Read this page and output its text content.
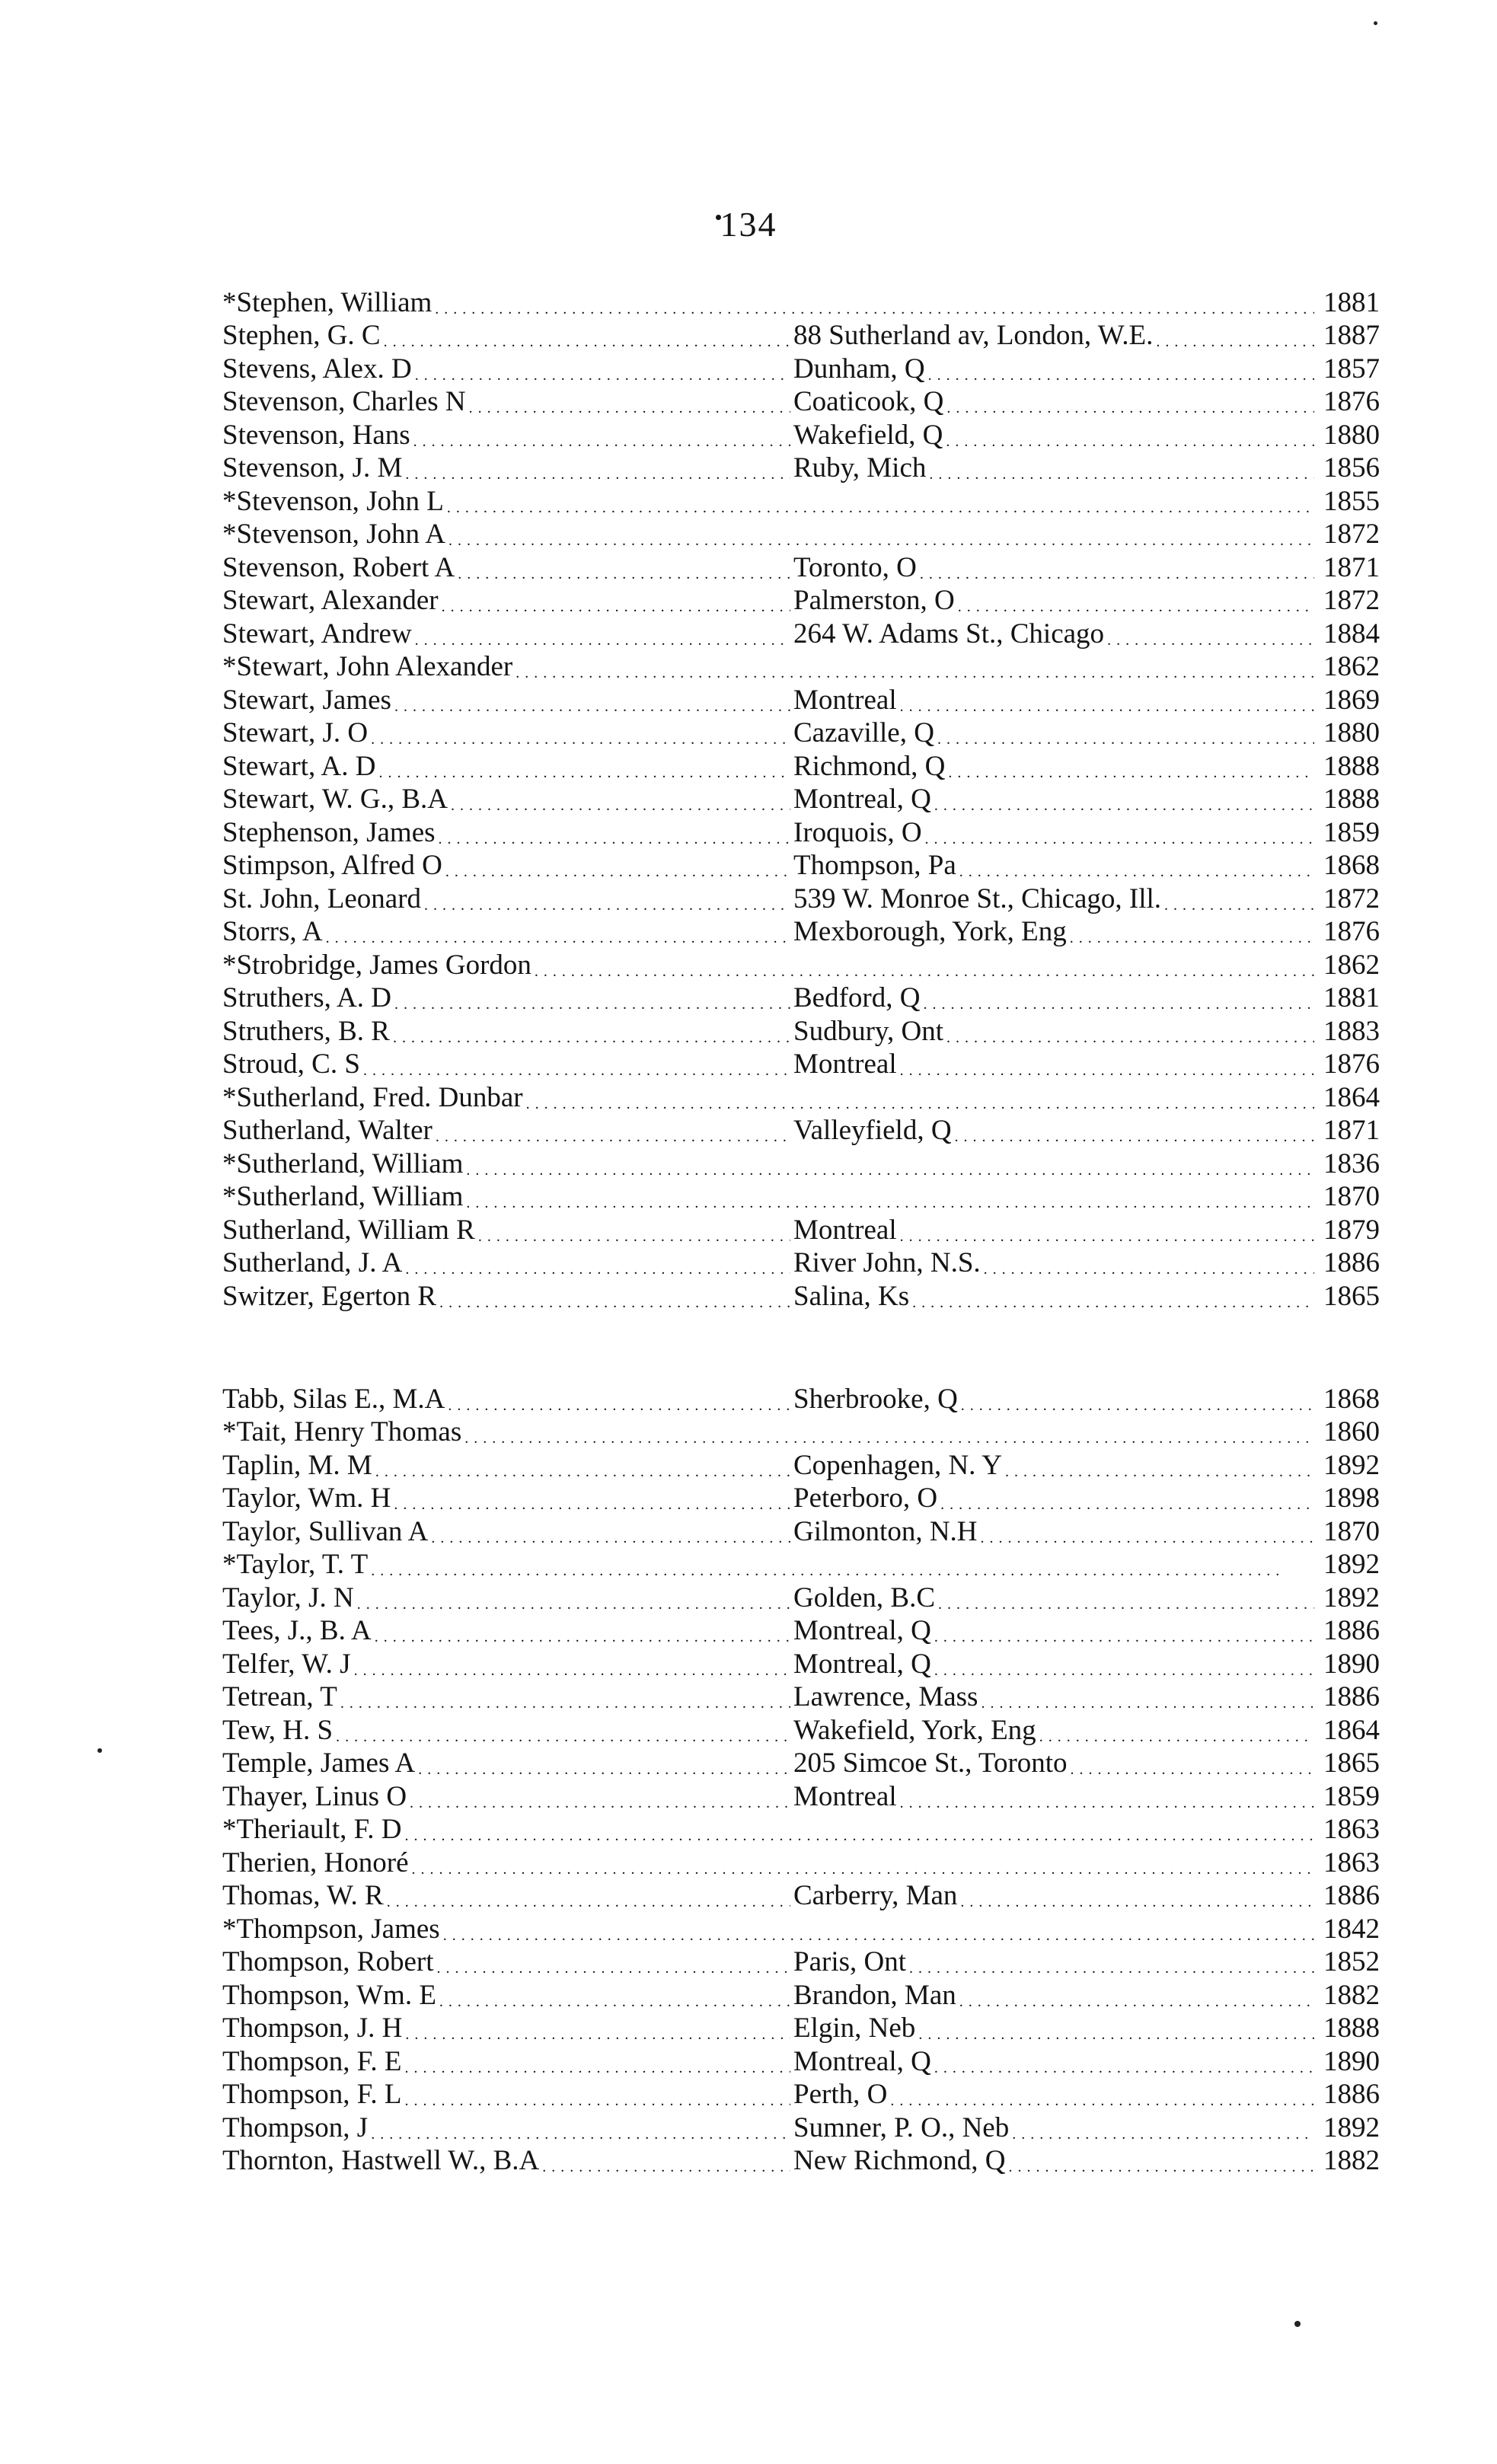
134
*Stephen, William . . .	1881
Stephen, G. C . . .	88 Sutherland av, London, W.E. . . .	1887
Stevens, Alex. D . . .	Dunham, Q . . .	1857
Stevenson, Charles N . . .	Coaticook, Q . . .	1876
Stevenson, Hans . . .	Wakefield, Q . . .	1880
Stevenson, J. M . . .	Ruby, Mich . . .	1856
*Stevenson, John L . . .	1855
*Stevenson, John A . . .	1872
Stevenson, Robert A . . .	Toronto, O . . .	1871
Stewart, Alexander . . .	Palmerston, O . . .	1872
Stewart, Andrew . . .	264 W. Adams St., Chicago . . .	1884
*Stewart, John Alexander . . .	1862
Stewart, James . . .	Montreal . . .	1869
Stewart, J. O . . .	Cazaville, Q . . .	1880
Stewart, A. D . . .	Richmond, Q . . .	1888
Stewart, W. G., B.A . . .	Montreal, Q . . .	1888
Stephenson, James . . .	Iroquois, O . . .	1859
Stimpson, Alfred O . . .	Thompson, Pa . . .	1868
St. John, Leonard . . .	539 W. Monroe St., Chicago, Ill. . . .	1872
Storrs, A . . .	Mexborough, York, Eng . . .	1876
*Strobridge, James Gordon . . .	1862
Struthers, A. D . . .	Bedford, Q . . .	1881
Struthers, B. R . . .	Sudbury, Ont . . .	1883
Stroud, C. S . . .	Montreal . . .	1876
*Sutherland, Fred. Dunbar . . .	1864
Sutherland, Walter . . .	Valleyfield, Q . . .	1871
*Sutherland, William . . .	1836
*Sutherland, William . . .	1870
Sutherland, William R . . .	Montreal . . .	1879
Sutherland, J. A . . .	River John, N.S. . . .	1886
Switzer, Egerton R . . .	Salina, Ks . . .	1865
Tabb, Silas E., M.A . . .	Sherbrooke, Q . . .	1868
*Tait, Henry Thomas . . .	1860
Taplin, M. M . . .	Copenhagen, N. Y . . .	1892
Taylor, Wm. H . . .	Peterboro, O . . .	1898
Taylor, Sullivan A . . .	Gilmonton, N.H . . .	1870
*Taylor, T. T . . .	1892
Taylor, J. N . . .	Golden, B.C . . .	1892
Tees, J., B. A . . .	Montreal, Q . . .	1886
Telfer, W. J . . .	Montreal, Q . . .	1890
Tetrean, T . . .	Lawrence, Mass . . .	1886
Tew, H. S . . .	Wakefield, York, Eng . . .	1864
Temple, James A . . .	205 Simcoe St., Toronto . . .	1865
Thayer, Linus O . . .	Montreal . . .	1859
*Theriault, F. D . . .	1863
Therien, Honoré . . .	1863
Thomas, W. R . . .	Carberry, Man . . .	1886
*Thompson, James . . .	1842
Thompson, Robert . . .	Paris, Ont . . .	1852
Thompson, Wm. E . . .	Brandon, Man . . .	1882
Thompson, J. H . . .	Elgin, Neb . . .	1888
Thompson, F. E . . .	Montreal, Q . . .	1890
Thompson, F. L . . .	Perth, O . . .	1886
Thompson, J . . .	Sumner, P. O., Neb . . .	1892
Thornton, Hastwell W., B.A . . .	New Richmond, Q . . .	1882
